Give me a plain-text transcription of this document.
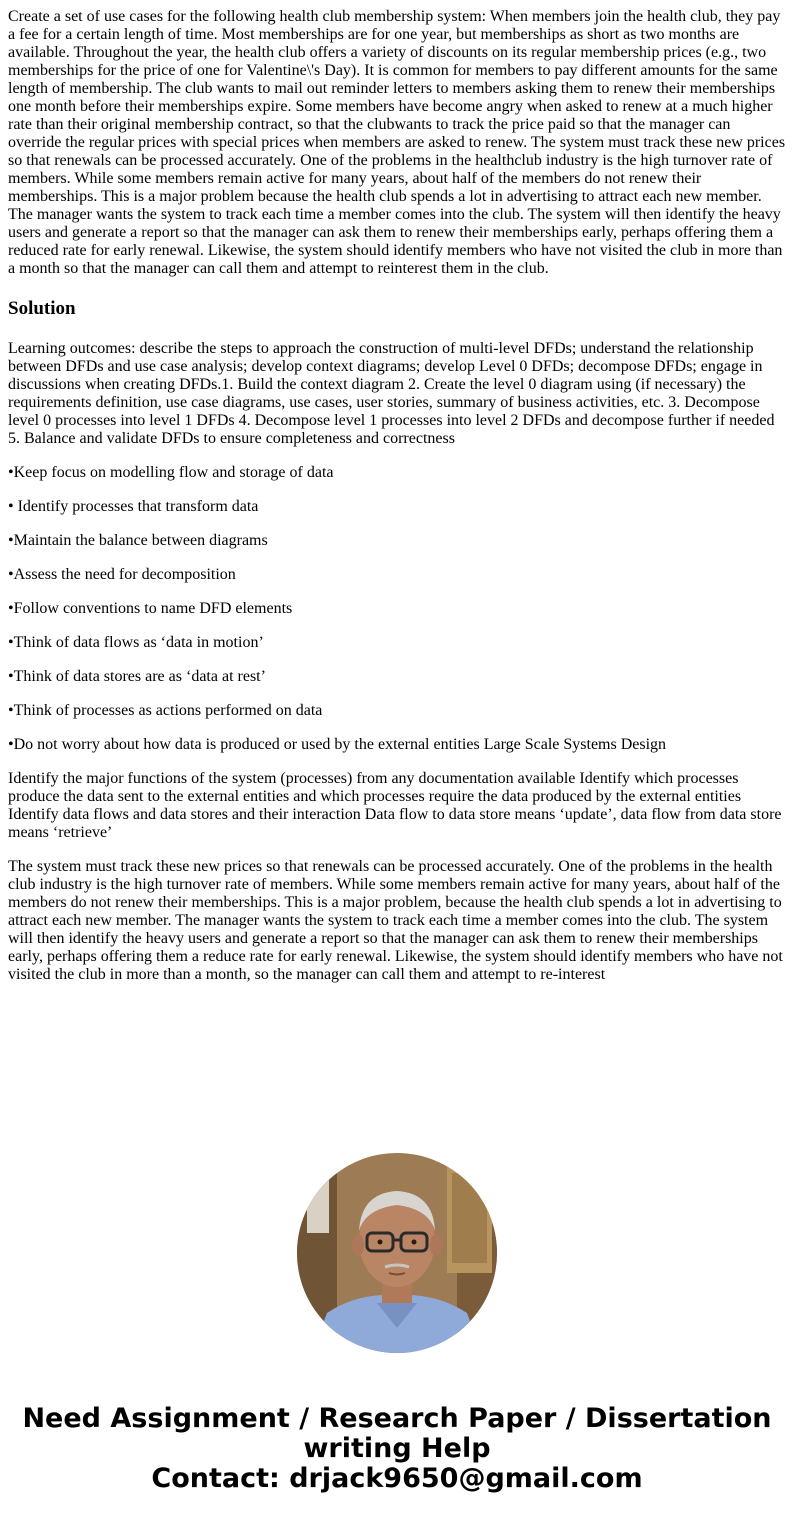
Create a set of use cases for the following health club membership system: When members join the health club, they pay a fee for a certain length of time. Most memberships are for one year, but memberships as short as two months are available. Throughout the year, the health club offers a variety of discounts on its regular membership prices (e.g., two memberships for the price of one for Valentine\'s Day). It is common for members to pay different amounts for the same length of membership. The club wants to mail out reminder letters to members asking them to renew their memberships one month before their memberships expire. Some members have become angry when asked to renew at a much higher rate than their original membership contract, so that the clubwants to track the price paid so that the manager can override the regular prices with special prices when members are asked to renew. The system must track these new prices so that renewals can be processed accurately. One of the problems in the healthclub industry is the high turnover rate of members. While some members remain active for many years, about half of the members do not renew their memberships. This is a major problem because the health club spends a lot in advertising to attract each new member. The manager wants the system to track each time a member comes into the club. The system will then identify the heavy users and generate a report so that the manager can ask them to renew their memberships early, perhaps offering them a reduced rate for early renewal. Likewise, the system should identify members who have not visited the club in more than a month so that the manager can call them and attempt to reinterest them in the club.

Solution

Learning outcomes: describe the steps to approach the construction of multi-level DFDs; understand the relationship between DFDs and use case analysis; develop context diagrams; develop Level 0 DFDs; decompose DFDs; engage in discussions when creating DFDs.1. Build the context diagram 2. Create the level 0 diagram using (if necessary) the requirements definition, use case diagrams, use cases, user stories, summary of business activities, etc. 3. Decompose level 0 processes into level 1 DFDs 4. Decompose level 1 processes into level 2 DFDs and decompose further if needed 5. Balance and validate DFDs to ensure completeness and correctness

•Keep focus on modelling flow and storage of data

• Identify processes that transform data

•Maintain the balance between diagrams

•Assess the need for decomposition

•Follow conventions to name DFD elements

•Think of data flows as ‘data in motion’

•Think of data stores are as ‘data at rest’

•Think of processes as actions performed on data

•Do not worry about how data is produced or used by the external entities Large Scale Systems Design

Identify the major functions of the system (processes) from any documentation available Identify which processes produce the data sent to the external entities and which processes require the data produced by the external entities Identify data flows and data stores and their interaction Data flow to data store means ‘update’, data flow from data store means ‘retrieve’

The system must track these new prices so that renewals can be processed accurately. One of the problems in the health club industry is the high turnover rate of members. While some members remain active for many years, about half of the members do not renew their memberships. This is a major problem, because the health club spends a lot in advertising to attract each new member. The manager wants the system to track each time a member comes into the club. The system will then identify the heavy users and generate a report so that the manager can ask them to renew their memberships early, perhaps offering them a reduce rate for early renewal. Likewise, the system should identify members who have not visited the club in more than a month, so the manager can call them and attempt to re-interest

Need Assignment / Research Paper / Dissertation
writing Help
Contact: drjack9650@gmail.com
